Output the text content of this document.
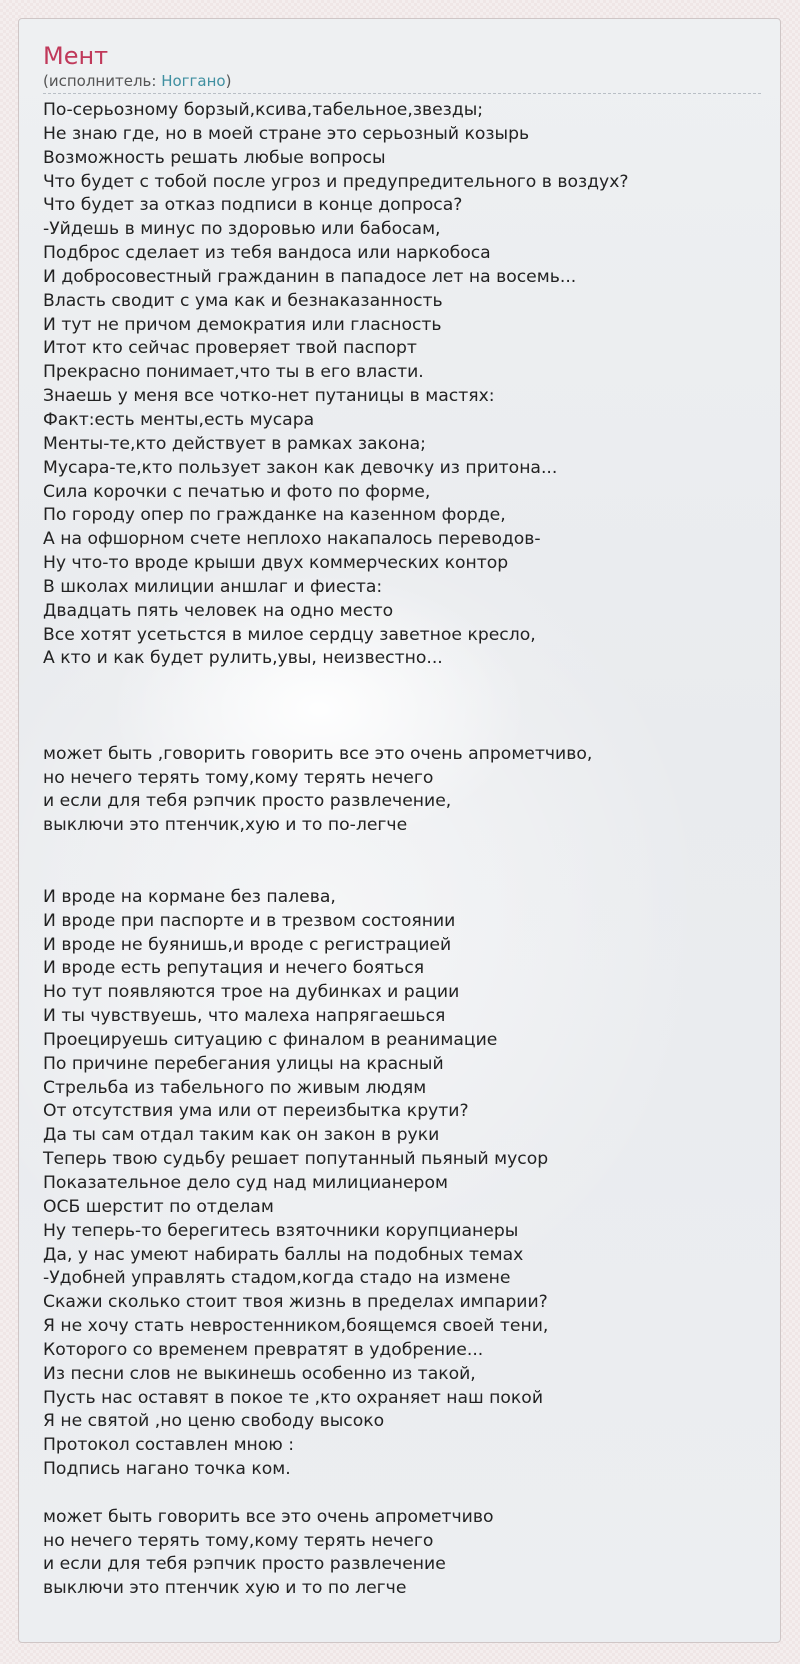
Мент
(исполнитель: Ноггано)
По-серьозному борзый,ксива,табельное,звезды;
Не знаю где, но в моей стране это серьозный козырь
Возможность решать любые вопросы
Что будет с тобой после угроз и предупредительного в воздух?
Что будет за отказ подписи в конце допроса?
-Уйдешь в минус по здоровью или бабосам,
Подброс сделает из тебя вандоса или наркобоса
И добросовестный гражданин в пападосе лет на восемь...
Власть сводит с ума как и безнаказанность
И тут не причом демократия или гласность
Итот кто сейчас проверяет твой паспорт
Прекрасно понимает,что ты в его власти.
Знаешь у меня все чотко-нет путаницы в мастях:
Факт:есть менты,есть мусара
Менты-те,кто действует в рамках закона;
Мусара-те,кто пользует закон как девочку из притона...
Сила корочки с печатью и фото по форме,
По городу опер по гражданке на казенном форде,
А на офшорном счете неплохо накапалось переводов-
Ну что-то вроде крыши двух коммерческих контор
В школах милиции аншлаг и фиеста:
Двадцать пять человек на одно место
Все хотят усетьстся в милое сердцу заветное кресло,
А кто и как будет рулить,увы, неизвестно...
может быть ,говорить говорить все это очень апрометчиво,
но нечего терять тому,кому терять нечего
и если для тебя рэпчик просто развлечение,
выключи это птенчик,хую и то по-легче
И вроде на кормане без палева,
И вроде при паспорте и в трезвом состоянии
И вроде не буянишь,и вроде с регистрацией
И вроде есть репутация и нечего бояться
Но тут появляются трое на дубинках и рации
И ты чувствуешь, что малеха напрягаешься
Проецируешь ситуацию с финалом в реанимацие
По причине перебегания улицы на красный
Стрельба из табельного по живым людям
От отсутствия ума или от переизбытка крути?
Да ты сам отдал таким как он закон в руки
Теперь твою судьбу решает попутанный пьяный мусор
Показательное дело суд над милицианером
ОСБ шерстит по отделам
Ну теперь-то берегитесь взяточники корупцианеры
Да, у нас умеют набирать баллы на подобных темах
-Удобней управлять стадом,когда стадо на измене
Скажи сколько стоит твоя жизнь в пределах импарии?
Я не хочу стать невростенником,боящемся своей тени,
Которого со временем превратят в удобрение...
Из песни слов не выкинешь особенно из такой,
Пусть нас оставят в покое те ,кто охраняет наш покой
Я не святой ,но ценю свободу высоко
Протокол составлен мною :
Подпись нагано точка ком.
может быть говорить все это очень апрометчиво
но нечего терять тому,кому терять нечего
и если для тебя рэпчик просто развлечение
выключи это птенчик хую и то по легче
